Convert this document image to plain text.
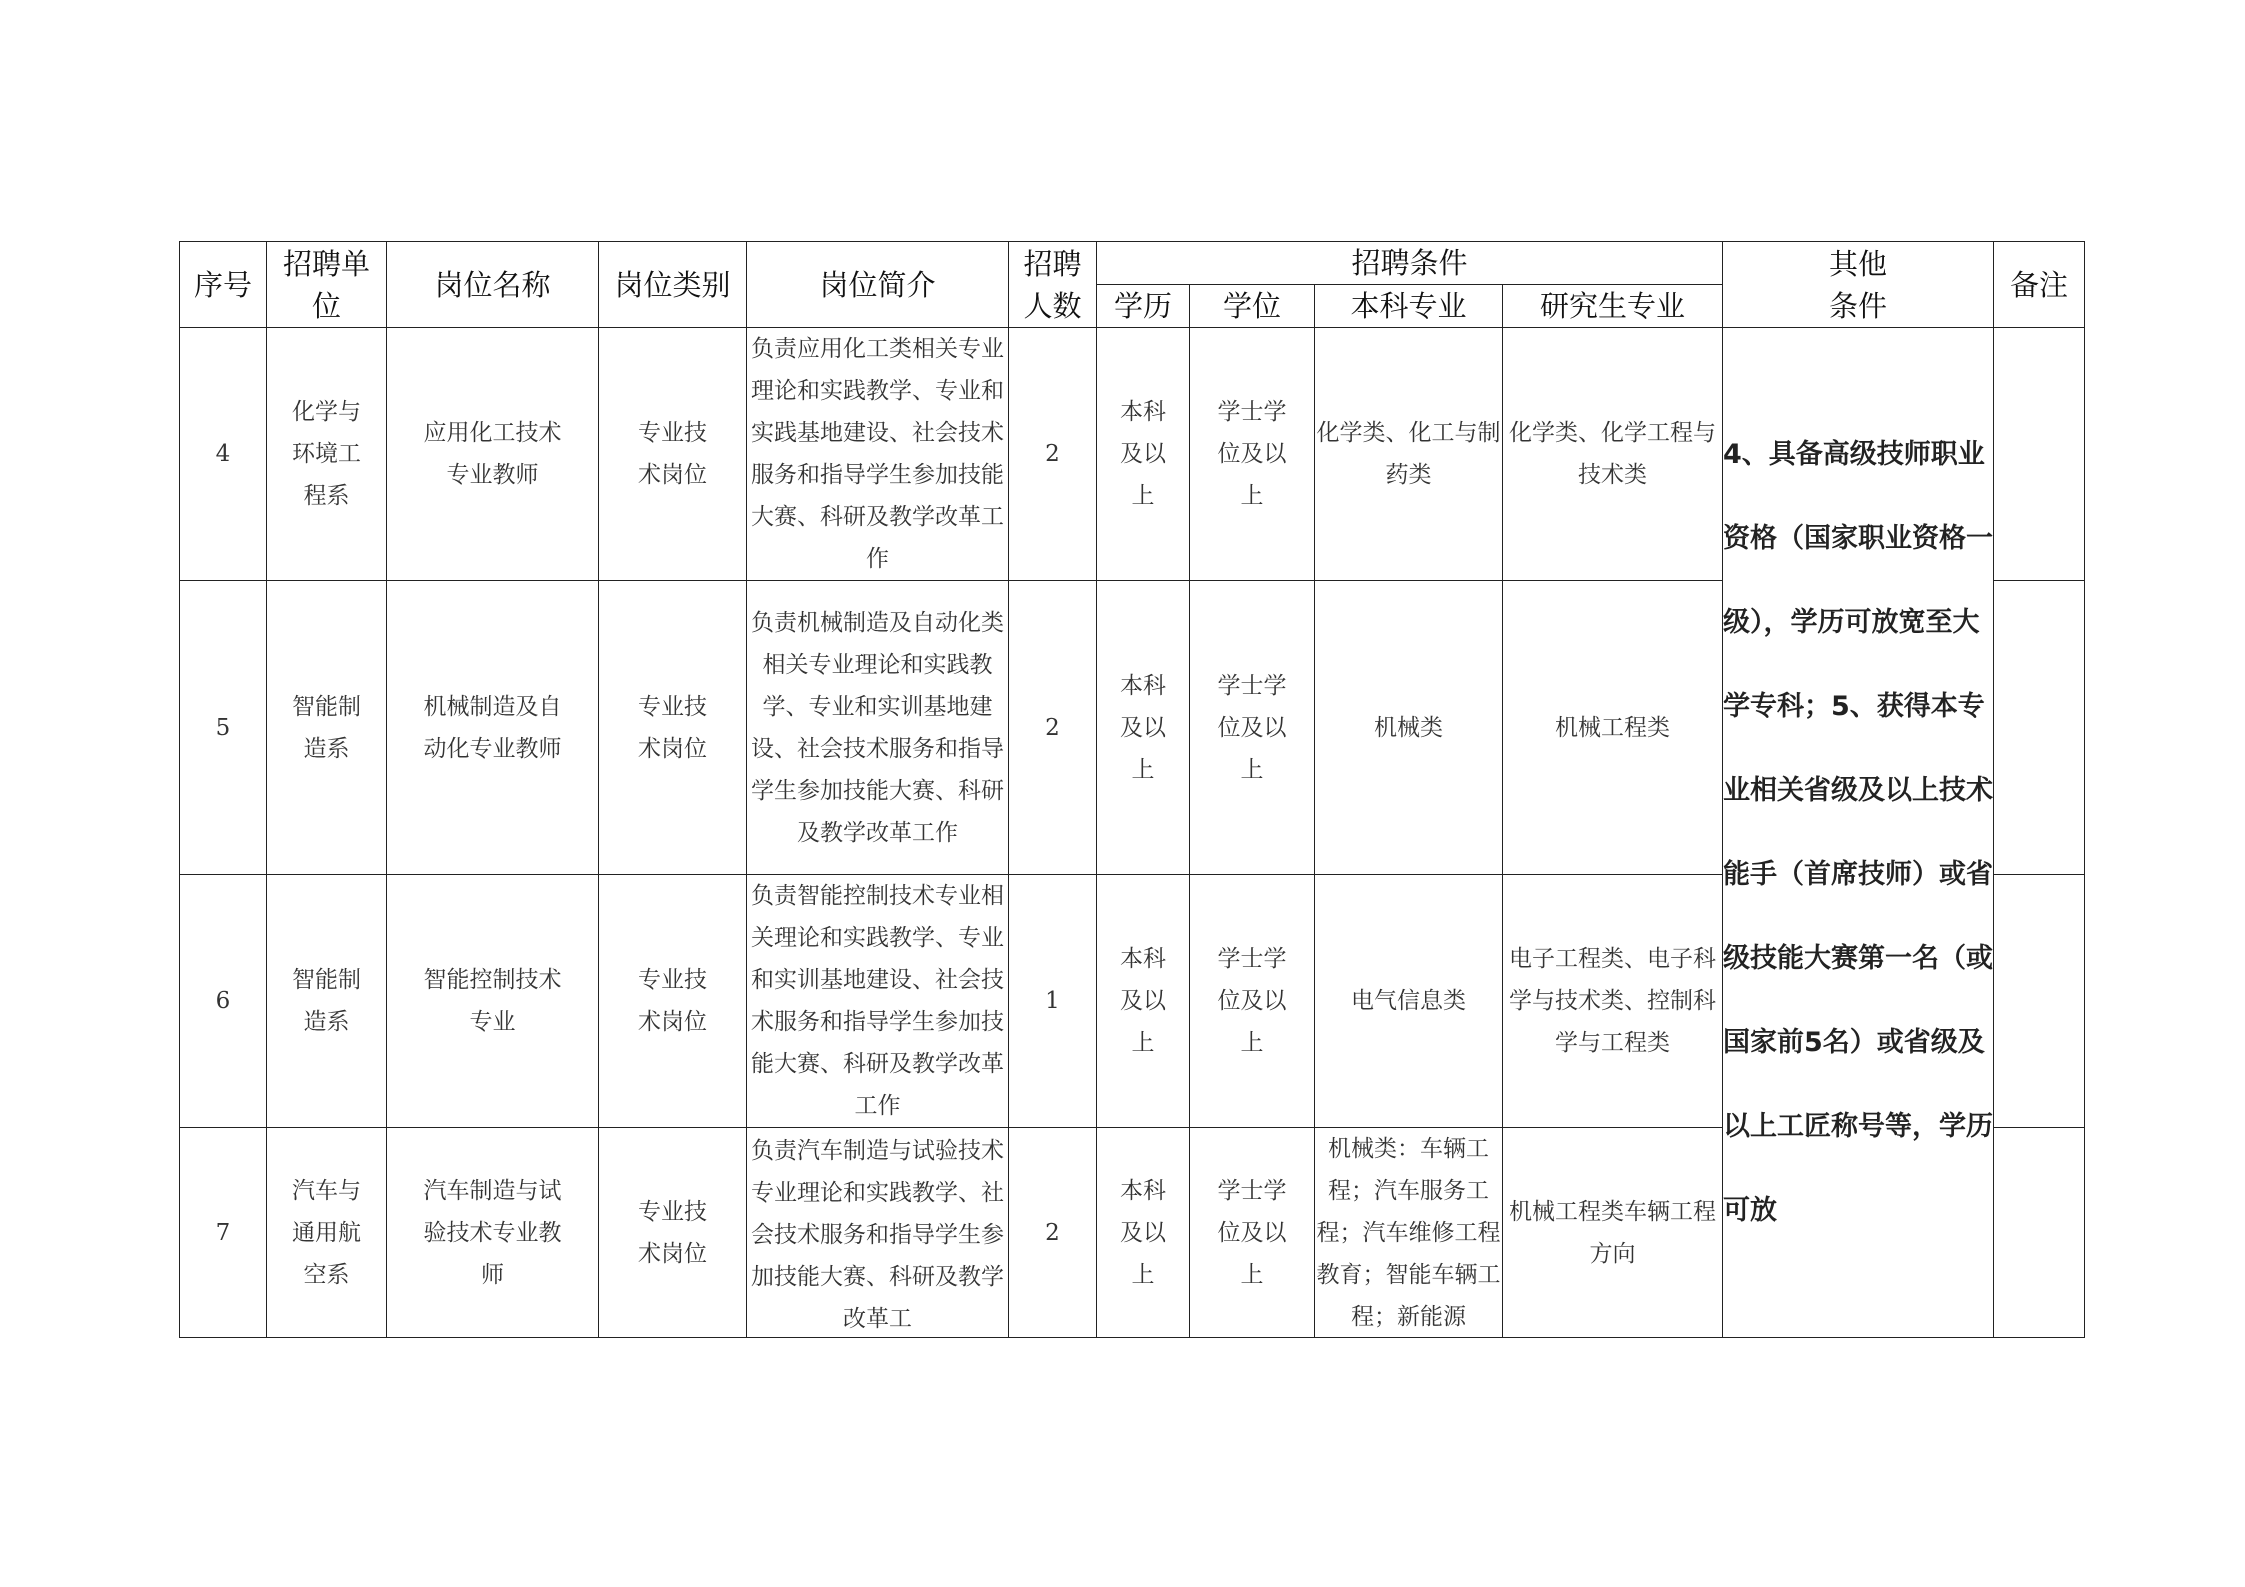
序号	招聘单位	岗位名称	岗位类别	岗位简介	招聘人数	招聘条件				其他条件	备注

						学历	学位	本科专业	研究生专业		
4	化学与环境工程系	应用化工技术专业教师	专业技术岗位	负责应用化工类相关专业理论和实践教学、专业和实践基地建设、社会技术服务和指导学生参加技能大赛、科研及教学改革工作	2	本科及以上	学士学位及以上	化学类、化工与制药类	化学类、化学工程与技术类	4、具备高级技师职业资格（国家职业资格一级），学历可放宽至大学专科；5、获得本专业相关省级及以上技术能手（首席技师）或省级技能大赛第一名（或国家前5名）或省级及以上工匠称号等，学历可放	

5	智能制造系	机械制造及自动化专业教师	专业技术岗位	负责机械制造及自动化类相关专业理论和实践教学、专业和实训基地建设、社会技术服务和指导学生参加技能大赛、科研及教学改革工作	2	本科及以上	学士学位及以上	机械类	机械工程类		
6	智能制造系	智能控制技术专业	专业技术岗位	负责智能控制技术专业相关理论和实践教学、专业和实训基地建设、社会技术服务和指导学生参加技能大赛、科研及教学改革工作	1	本科及以上	学士学位及以上	电气信息类	电子工程类、电子科学与技术类、控制科学与工程类		
7	汽车与通用航空系	汽车制造与试验技术专业教师	专业技术岗位	负责汽车制造与试验技术专业理论和实践教学、社会技术服务和指导学生参加技能大赛、科研及教学改革工	2	本科及以上	学士学位及以上	机械类：车辆工程；汽车服务工程；汽车维修工程教育；智能车辆工程；新能源	机械工程类车辆工程方向		
